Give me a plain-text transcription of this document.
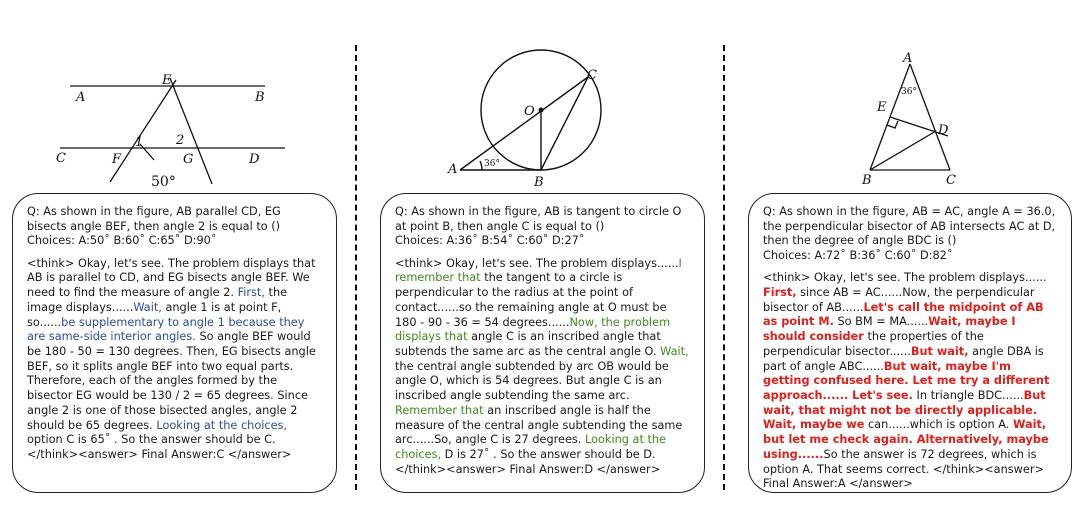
A	B
C	D
E
F	G
1	2
50°
A
B
C
O
36°
A
B	C
D
E
36°
Q: As shown in the figure, AB parallel CD, EG bisects angle BEF, then angle 2 is equal to ()
Choices: A:50˚ B:60˚ C:65˚ D:90˚

<think> Okay, let's see. The problem displays that AB is parallel to CD, and EG bisects angle BEF. We need to find the measure of angle 2. First, the image displays......Wait, angle 1 is at point F, so......be supplementary to angle 1 because they are same-side interior angles. So angle BEF would be 180 - 50 = 130 degrees. Then, EG bisects angle BEF, so it splits angle BEF into two equal parts. Therefore, each of the angles formed by the bisector EG would be 130 / 2 = 65 degrees. Since angle 2 is one of those bisected angles, angle 2 should be 65 degrees. Looking at the choices, option C is 65˚ . So the answer should be C. </think><answer> Final Answer:C </answer>

Q: As shown in the figure, AB is tangent to circle O at point B, then angle C is equal to ()
Choices: A:36˚ B:54˚ C:60˚ D:27˚

<think> Okay, let's see. The problem displays......I remember that the tangent to a circle is perpendicular to the radius at the point of contact......so the remaining angle at O must be 180 - 90 - 36 = 54 degrees......Now, the problem displays that angle C is an inscribed angle that subtends the same arc as the central angle O. Wait, the central angle subtended by arc OB would be angle O, which is 54 degrees. But angle C is an inscribed angle subtending the same arc. Remember that an inscribed angle is half the measure of the central angle subtending the same arc......So, angle C is 27 degrees. Looking at the choices, D is 27˚ . So the answer should be D. </think><answer> Final Answer:D </answer>

Q: As shown in the figure, AB = AC, angle A = 36.0, the perpendicular bisector of AB intersects AC at D, then the degree of angle BDC is ()
Choices: A:72˚ B:36˚ C:60˚ D:82˚

<think> Okay, let's see. The problem displays...... First, since AB = AC......Now, the perpendicular bisector of AB......Let's call the midpoint of AB as point M. So BM = MA......Wait, maybe I should consider the properties of the perpendicular bisector......But wait, angle DBA is part of angle ABC......But wait, maybe I'm getting confused here. Let me try a different approach...... Let's see. In triangle BDC......But wait, that might not be directly applicable. Wait, maybe we can......which is option A. Wait, but let me check again. Alternatively, maybe using......So the answer is 72 degrees, which is option A. That seems correct. </think><answer> Final Answer:A </answer>
